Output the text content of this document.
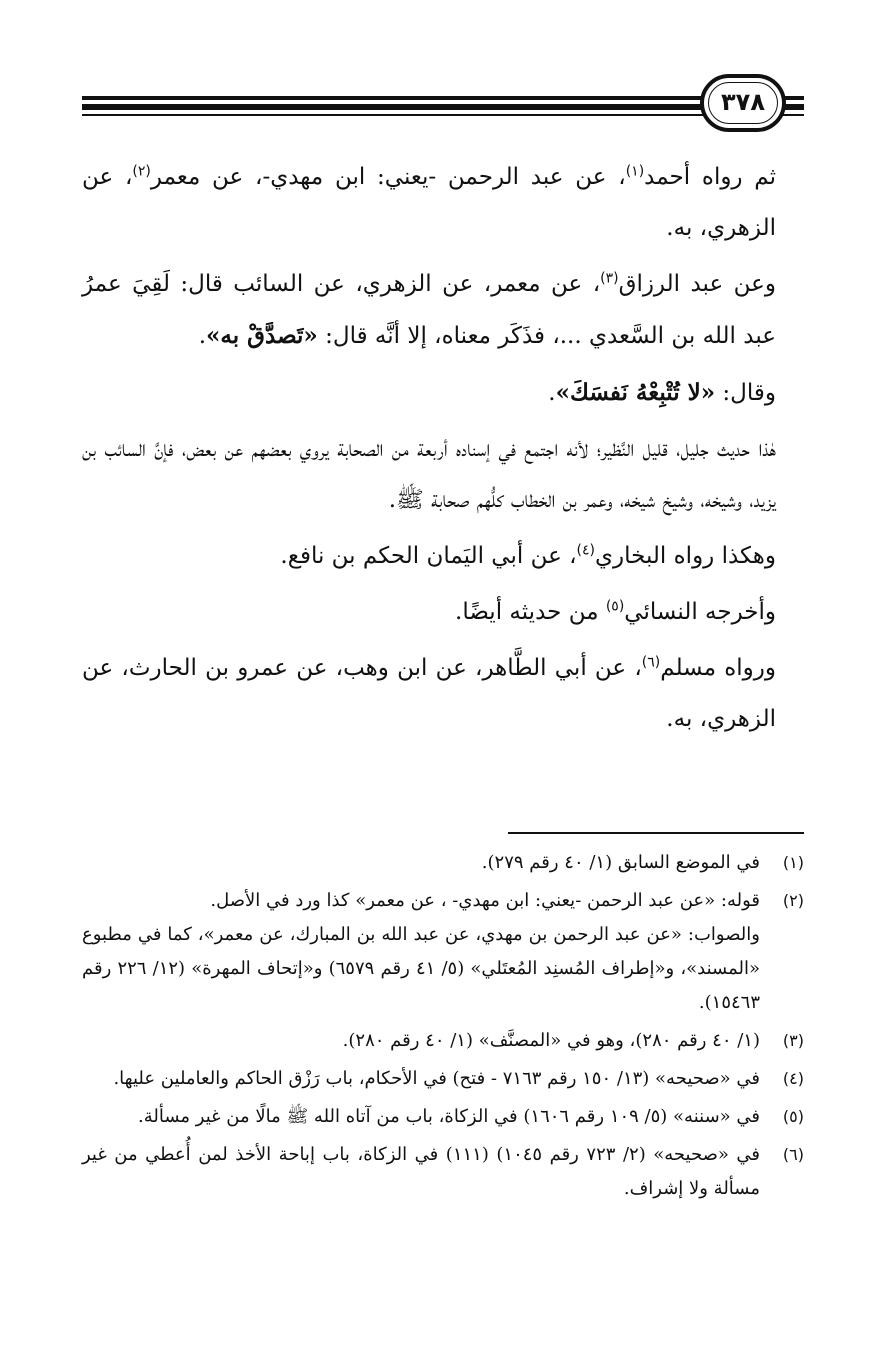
٣٧٨

ثم رواه أحمد$^{(١)}$، عن عبد الرحمن -يعني: ابن مهدي-، عن معمر$^{(٢)}$، عن الزهري، به.

وعن عبد الرزاق$^{(٣)}$، عن معمر، عن الزهري، عن السائب قال: لَقِيَ عمرُ عبد الله بن السَّعدي ...، فذَكَر معناه، إلا أنَّه قال: «تَصدَّقْ به».

وقال: «لا تُتْبِعْهُ نَفسَكَ».

هٰذا حديث جليل، قليل النَّظير؛ لأنه اجتمع في إسناده أربعة من الصحابة يروي بعضهم عن بعض، فإنَّ السائب بن يزيد، وشيخه، وشيخ شيخه، وعمر بن الخطاب كلُّهم صحابة ﷺ.

وهكذا رواه البخاري$^{(٤)}$، عن أبي اليَمان الحكم بن نافع.

وأخرجه النسائي$^{(٥)}$ من حديثه أيضًا.

ورواه مسلم$^{(٦)}$، عن أبي الطَّاهر، عن ابن وهب، عن عمرو بن الحارث، عن الزهري، به.

(١)
في الموضع السابق (١/ ٤٠ رقم ٢٧٩).
(٢)
قوله: «عن عبد الرحمن -يعني: ابن مهدي- ، عن معمر» كذا ورد في الأصل.
والصواب: «عن عبد الرحمن بن مهدي، عن عبد الله بن المبارك، عن معمر»، كما في مطبوع «المسند»، و«إطراف المُسنِد المُعتَلي» (٥/ ٤١ رقم ٦٥٧٩) و«إتحاف المهرة» (١٢/ ٢٢٦ رقم ١٥٤٦٣).
(٣)
(١/ ٤٠ رقم ٢٨٠)، وهو في «المصنَّف» (١/ ٤٠ رقم ٢٨٠).
(٤)
في «صحيحه» (١٣/ ١٥٠ رقم ٧١٦٣ - فتح) في الأحكام، باب رَزْق الحاكم والعاملين عليها.
(٥)
في «سننه» (٥/ ١٠٩ رقم ١٦٠٦) في الزكاة، باب من آتاه الله ﷺ مالًا من غير مسألة.
(٦)
في «صحيحه» (٢/ ٧٢٣ رقم ١٠٤٥) (١١١) في الزكاة، باب إباحة الأخذ لمن أُعطي من غير مسألة ولا إشراف.
